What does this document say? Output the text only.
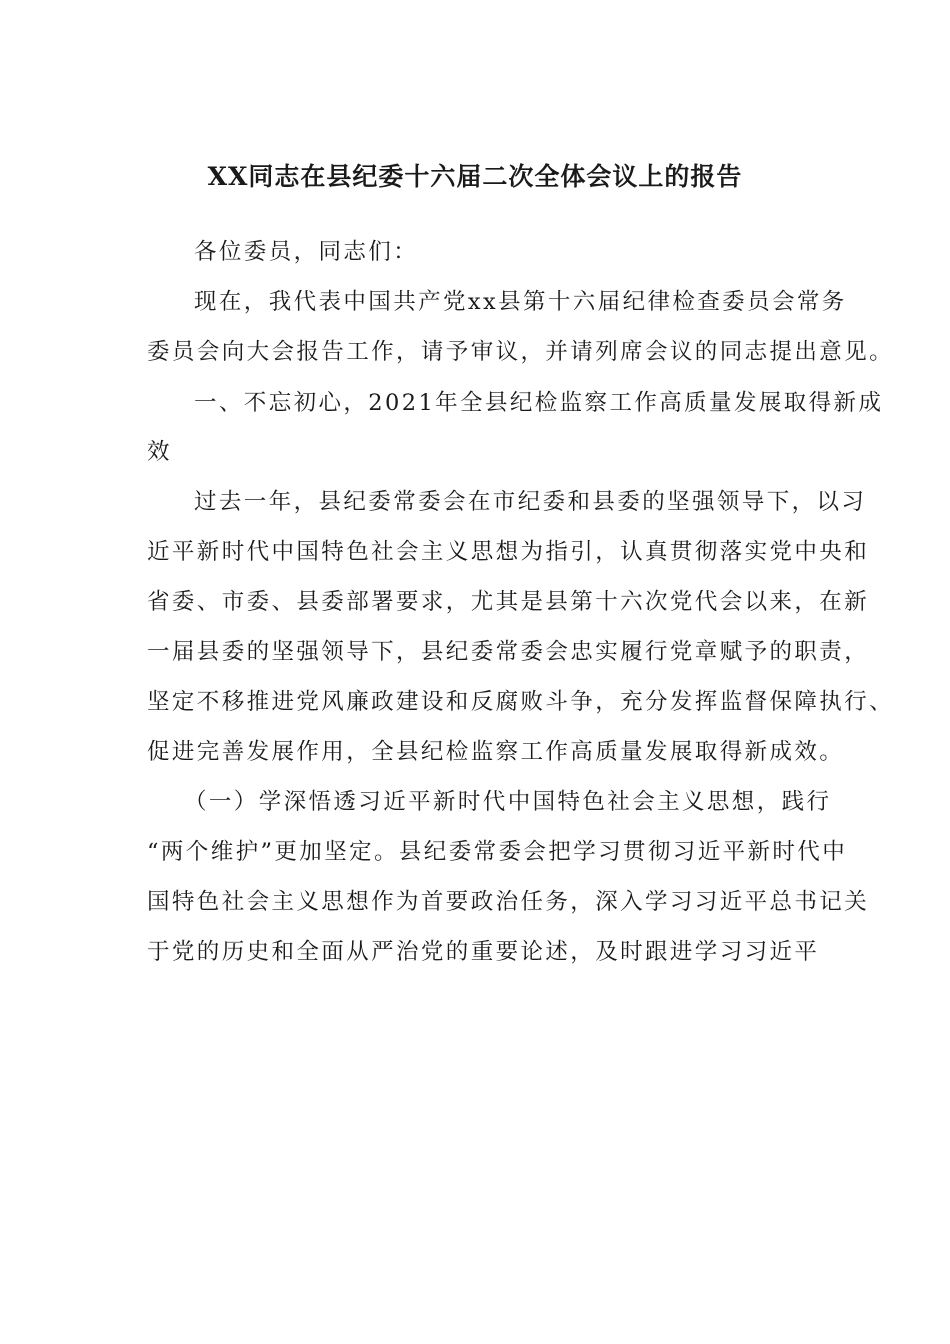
XX同志在县纪委十六届二次全体会议上的报告
各位委员，同志们：
现在，我代表中国共产党xx县第十六届纪律检查委员会常务
委员会向大会报告工作，请予审议，并请列席会议的同志提出意见。
一、不忘初心，2021年全县纪检监察工作高质量发展取得新成
效
过去一年，县纪委常委会在市纪委和县委的坚强领导下，以习
近平新时代中国特色社会主义思想为指引，认真贯彻落实党中央和
省委、市委、县委部署要求，尤其是县第十六次党代会以来，在新
一届县委的坚强领导下，县纪委常委会忠实履行党章赋予的职责，
坚定不移推进党风廉政建设和反腐败斗争，充分发挥监督保障执行、
促进完善发展作用，全县纪检监察工作高质量发展取得新成效。
（一）学深悟透习近平新时代中国特色社会主义思想，践行
“两个维护”更加坚定。县纪委常委会把学习贯彻习近平新时代中
国特色社会主义思想作为首要政治任务，深入学习习近平总书记关
于党的历史和全面从严治党的重要论述，及时跟进学习习近平
